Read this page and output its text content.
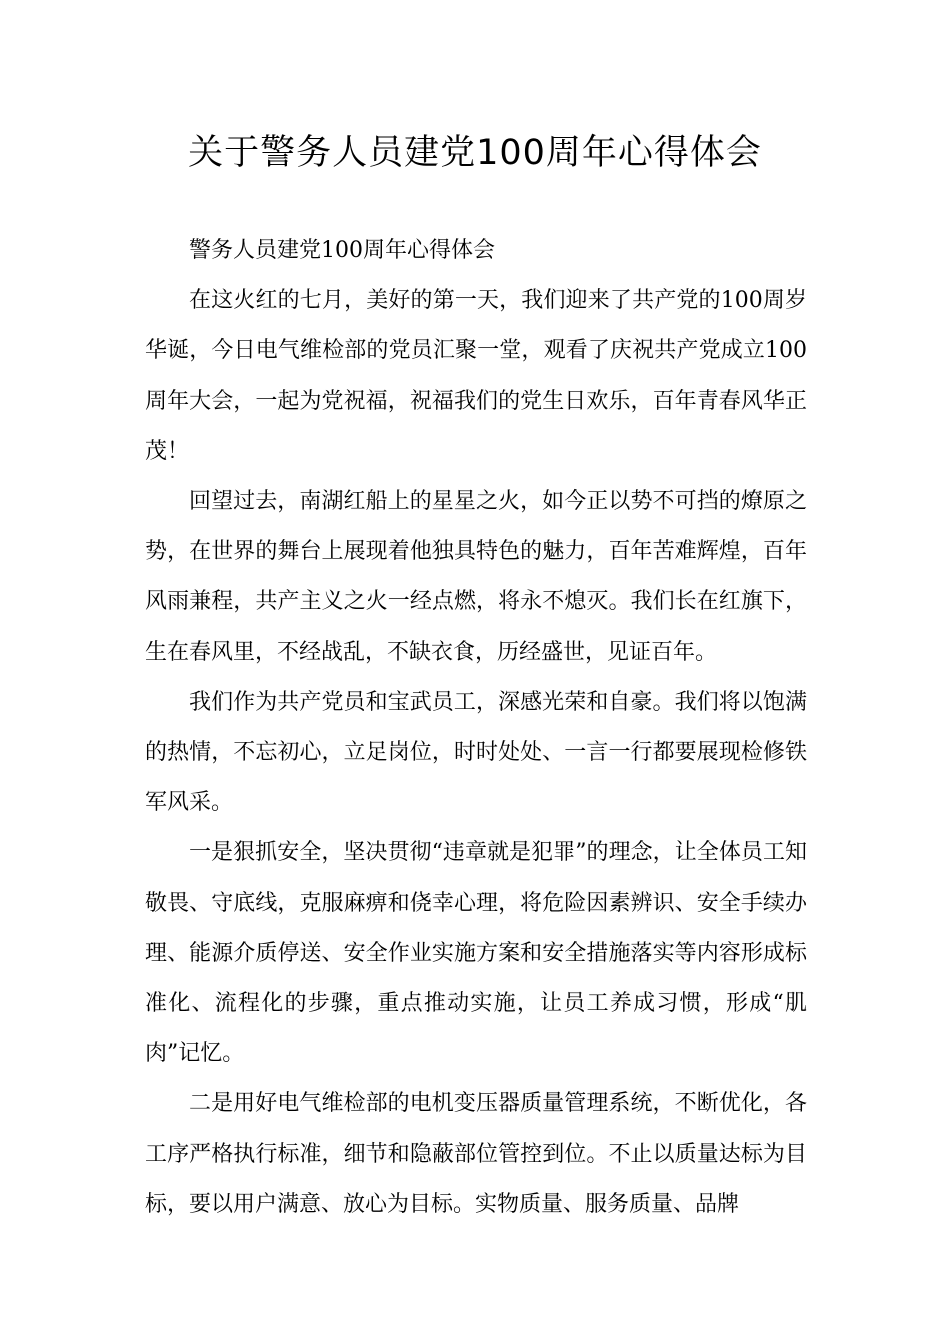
关于警务人员建党100周年心得体会

警务人员建党100周年心得体会

在这火红的七月，美好的第一天，我们迎来了共产党的100周岁华诞，今日电气维检部的党员汇聚一堂，观看了庆祝共产党成立100周年大会，一起为党祝福，祝福我们的党生日欢乐，百年青春风华正茂！

回望过去，南湖红船上的星星之火，如今正以势不可挡的燎原之势，在世界的舞台上展现着他独具特色的魅力，百年苦难辉煌，百年风雨兼程，共产主义之火一经点燃，将永不熄灭。我们长在红旗下，生在春风里，不经战乱，不缺衣食，历经盛世，见证百年。

我们作为共产党员和宝武员工，深感光荣和自豪。我们将以饱满的热情，不忘初心，立足岗位，时时处处、一言一行都要展现检修铁军风采。

一是狠抓安全，坚决贯彻“违章就是犯罪”的理念，让全体员工知敬畏、守底线，克服麻痹和侥幸心理，将危险因素辨识、安全手续办理、能源介质停送、安全作业实施方案和安全措施落实等内容形成标准化、流程化的步骤，重点推动实施，让员工养成习惯，形成“肌肉”记忆。

二是用好电气维检部的电机变压器质量管理系统，不断优化，各工序严格执行标准，细节和隐蔽部位管控到位。不止以质量达标为目标，要以用户满意、放心为目标。实物质量、服务质量、品牌
